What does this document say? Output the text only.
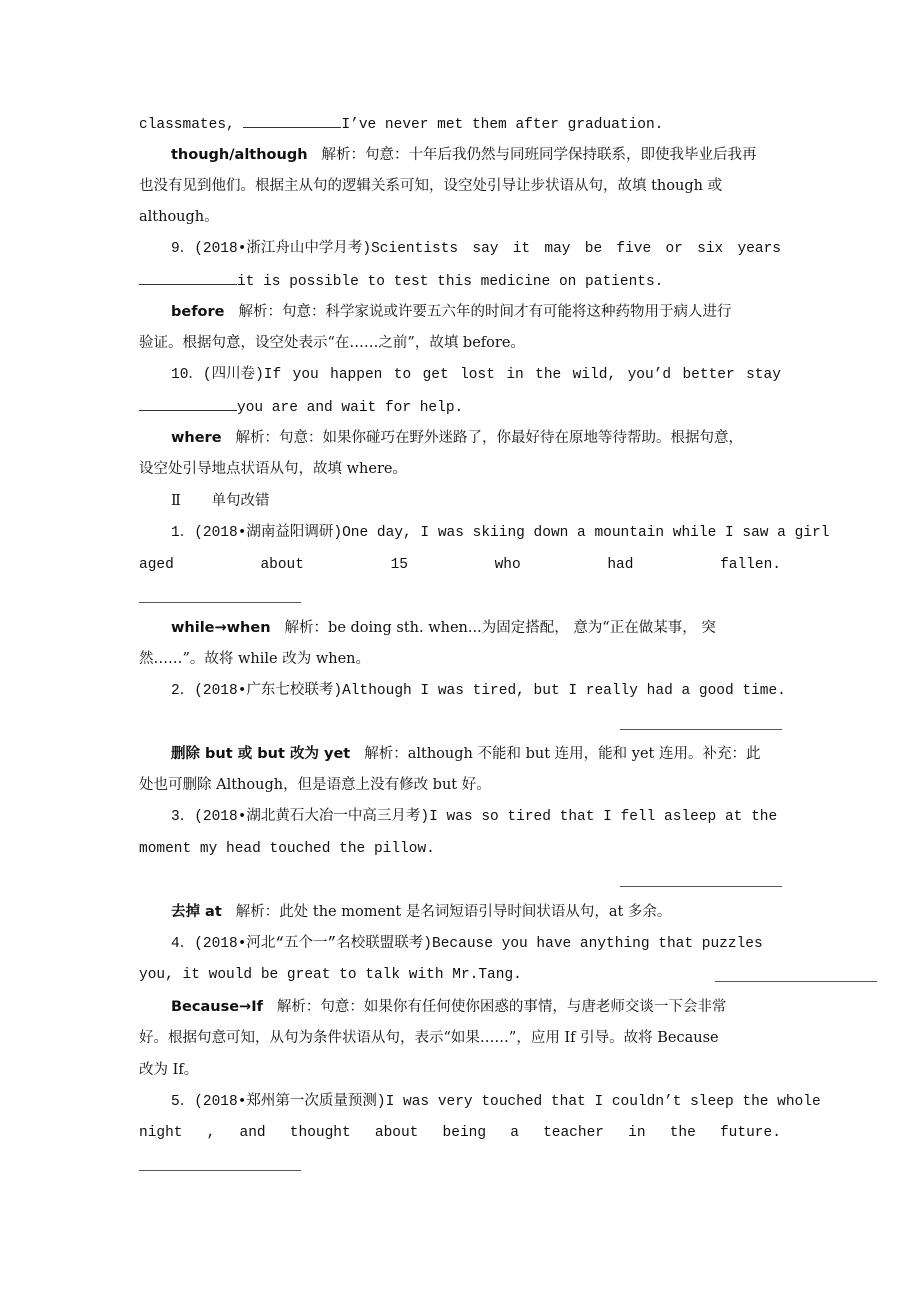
classmates,	I’ve never met them after graduation.
though/although 解析：句意：十年后我仍然与同班同学保持联系，即使我毕业后我再
也没有见到他们。根据主从句的逻辑关系可知，设空处引导让步状语从句，故填 though 或
although。
9．(2018•浙江舟山中学月考)Scientists say it may be five or six years
it is possible to test this medicine on patients.
before 解析：句意：科学家说或许要五六年的时间才有可能将这种药物用于病人进行
验证。根据句意，设空处表示“在……之前”，故填 before。
10．(四川卷)If you happen to get lost in the wild, you’d better stay
you are and wait for help.
where 解析：句意：如果你碰巧在野外迷路了，你最好待在原地等待帮助。根据句意，
设空处引导地点状语从句，故填 where。
Ⅱ 单句改错
1．(2018•湖南益阳调研)One day, I was skiing down a mountain while I saw a girl
aged	about	15	who	had	fallen.
while→when 解析：be doing sth. when...为固定搭配， 意为“正在做某事， 突
然……”。故将 while 改为 when。
2．(2018•广东七校联考)Although I was tired, but I really had a good time.
删除 but 或 but 改为 yet 解析：although 不能和 but 连用，能和 yet 连用。补充：此
处也可删除 Although，但是语意上没有修改 but 好。
3．(2018•湖北黄石大冶一中高三月考)I was so tired that I fell asleep at the
moment my head touched the pillow.
去掉 at 解析：此处 the moment 是名词短语引导时间状语从句，at 多余。
4．(2018•河北“五个一”名校联盟联考)Because you have anything that puzzles
you, it would be great to talk with Mr.Tang.
Because→If 解析：句意：如果你有任何使你困惑的事情，与唐老师交谈一下会非常
好。根据句意可知，从句为条件状语从句，表示“如果……”，应用 If 引导。故将 Because
改为 If。
5．(2018•郑州第一次质量预测)I was very touched that I couldn’t sleep the whole
night , and thought about being a teacher in the future.
